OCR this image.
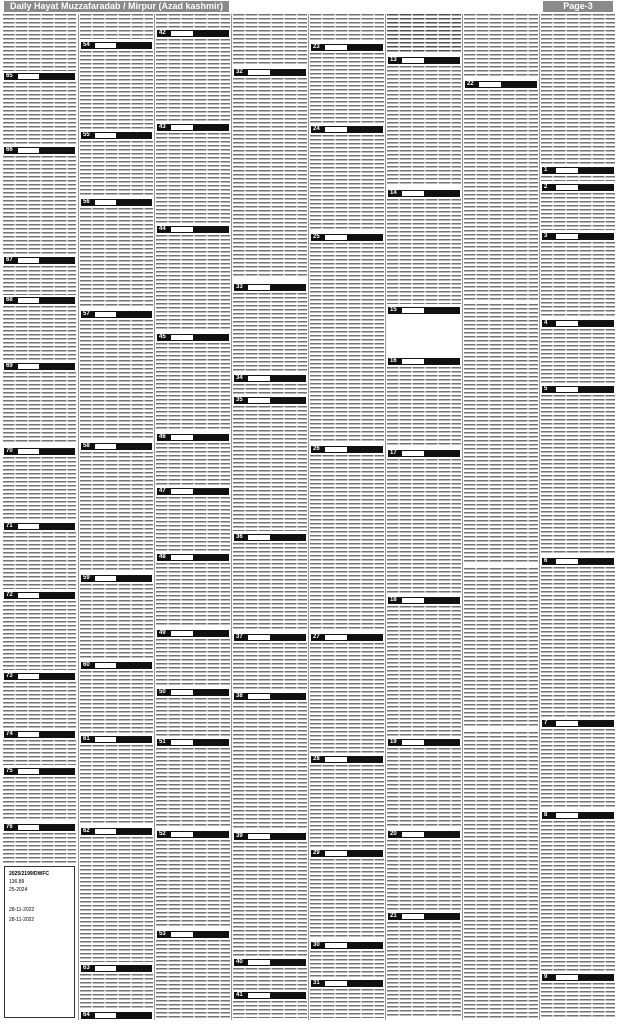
Daily Hayat Muzzafaradab / Mirpur (Azad kashmir)	Page-3
65
66
67
68
69
70
71
72
73
74
75
76
2025/2199/DWFC
136.89
25-2024
28-11-2022
28-11-2022
54
55
56
57
58
59
60
61
62
63
64
42
43
44
45
46
47
48
49
50
51
52
53
32
33
34
35
36
37
38
39
40
41
23
24
25
26
27
28
29
30
31
13
14
15
16
17
18
19
20
21
22
1
2
3
4
5
6
7
8
9
